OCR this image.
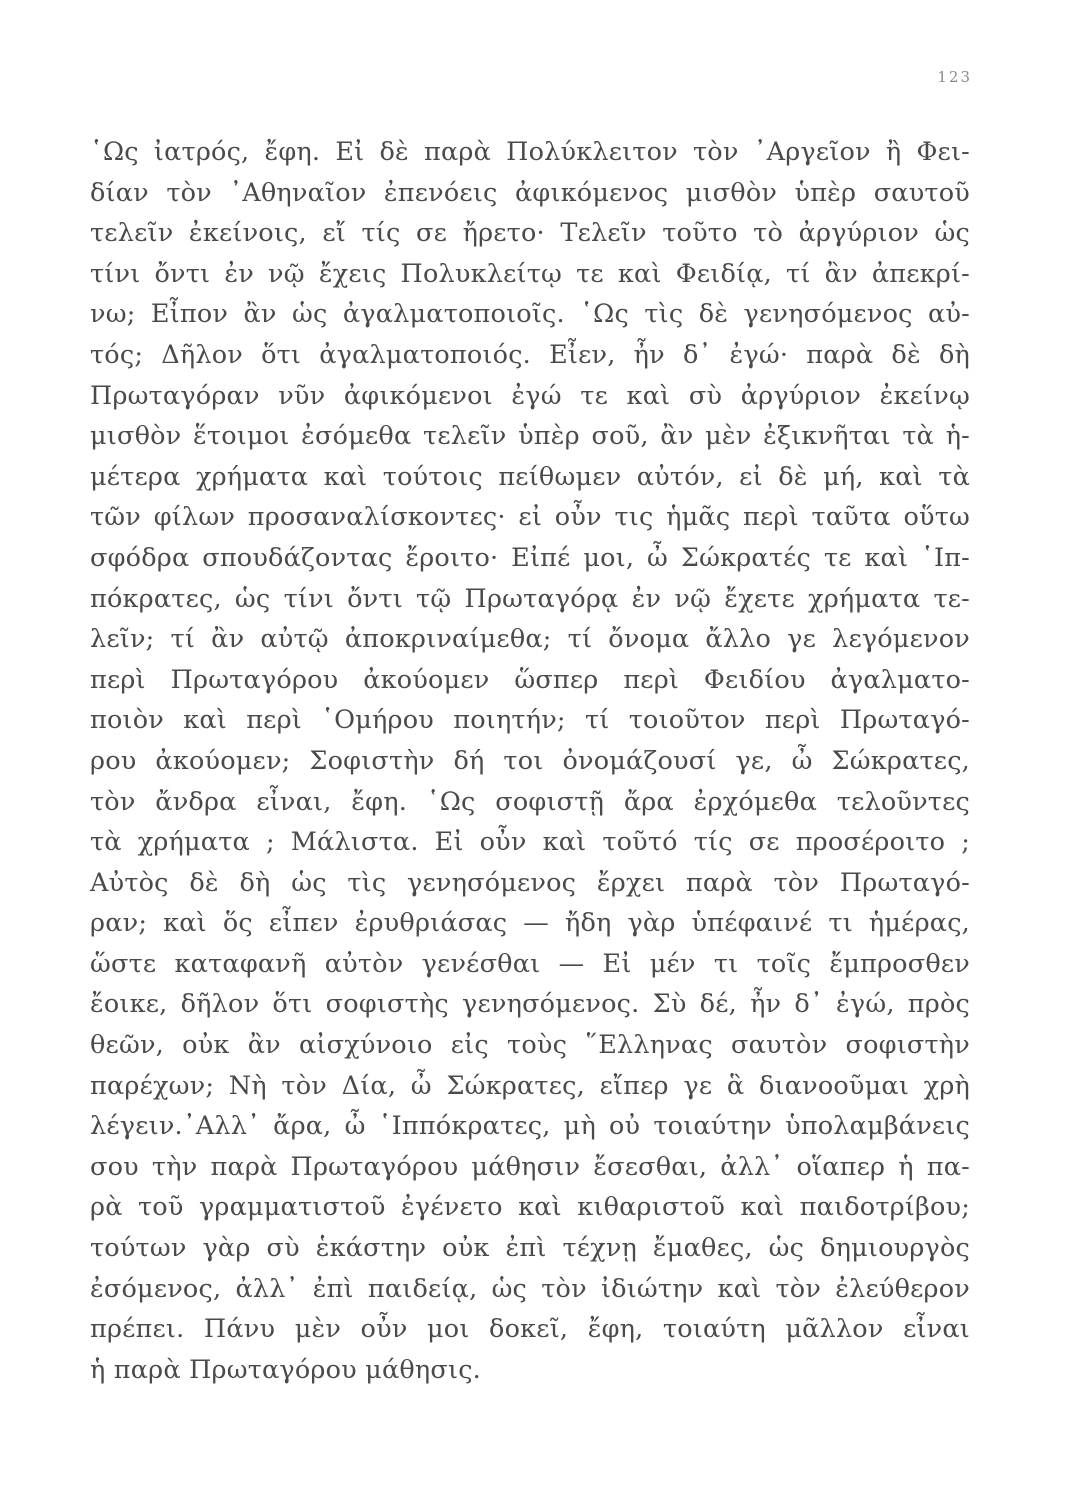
123
῾Ως ἰατρός, ἔφη. Εἰ δὲ παρὰ Πολύκλειτον τὸν ᾿Αργεῖον ἢ Φει-
δίαν τὸν ᾿Αθηναῖον ἐπενόεις ἀφικόμενος μισθὸν ὑπὲρ σαυτοῦ
τελεῖν ἐκείνοις, εἴ τίς σε ἤρετο· Τελεῖν τοῦτο τὸ ἀργύριον ὡς
τίνι ὄντι ἐν νῷ ἔχεις Πολυκλείτῳ τε καὶ Φειδίᾳ, τί ἂν ἀπεκρί-
νω; Εἶπον ἂν ὡς ἀγαλματοποιοῖς. ῾Ως τὶς δὲ γενησόμενος αὐ-
τός; Δῆλον ὅτι ἀγαλματοποιός. Εἶεν, ἦν δ᾿ ἐγώ· παρὰ δὲ δὴ
Πρωταγόραν νῦν ἀφικόμενοι ἐγώ τε καὶ σὺ ἀργύριον ἐκείνῳ
μισθὸν ἕτοιμοι ἐσόμεθα τελεῖν ὑπὲρ σοῦ, ἂν μὲν ἐξικνῆται τὰ ἡ-
μέτερα χρήματα καὶ τούτοις πείθωμεν αὐτόν, εἰ δὲ μή, καὶ τὰ
τῶν φίλων προσαναλίσκοντες· εἰ οὖν τις ἡμᾶς περὶ ταῦτα οὕτω
σφόδρα σπουδάζοντας ἔροιτο· Εἰπέ μοι, ὦ Σώκρατές τε καὶ ῾Ιπ-
πόκρατες, ὡς τίνι ὄντι τῷ Πρωταγόρᾳ ἐν νῷ ἔχετε χρήματα τε-
λεῖν; τί ἂν αὐτῷ ἀποκριναίμεθα; τί ὄνομα ἄλλο γε λεγόμενον
περὶ Πρωταγόρου ἀκούομεν ὥσπερ περὶ Φειδίου ἀγαλματο-
ποιὸν καὶ περὶ ῾Ομήρου ποιητήν; τί τοιοῦτον περὶ Πρωταγό-
ρου ἀκούομεν; Σοφιστὴν δή τοι ὀνομάζουσί γε, ὦ Σώκρατες,
τὸν ἄνδρα εἶναι, ἔφη. ῾Ως σοφιστῇ ἄρα ἐρχόμεθα τελοῦντες
τὰ χρήματα ; Μάλιστα. Εἰ οὖν καὶ τοῦτό τίς σε προσέροιτο ;
Αὐτὸς δὲ δὴ ὡς τὶς γενησόμενος ἔρχει παρὰ τὸν Πρωταγό-
ραν; καὶ ὅς εἶπεν ἐρυθριάσας — ἤδη γὰρ ὑπέφαινέ τι ἡμέρας,
ὥστε καταφανῆ αὐτὸν γενέσθαι — Εἰ μέν τι τοῖς ἔμπροσθεν
ἔοικε, δῆλον ὅτι σοφιστὴς γενησόμενος. Σὺ δέ, ἦν δ᾿ ἐγώ, πρὸς
θεῶν, οὐκ ἂν αἰσχύνοιο εἰς τοὺς ῞Ελληνας σαυτὸν σοφιστὴν
παρέχων; Νὴ τὸν Δία, ὦ Σώκρατες, εἴπερ γε ἃ διανοοῦμαι χρὴ
λέγειν.᾿Αλλ᾿ ἄρα, ὦ ῾Ιππόκρατες, μὴ οὐ τοιαύτην ὑπολαμβάνεις
σου τὴν παρὰ Πρωταγόρου μάθησιν ἔσεσθαι, ἀλλ᾿ οἵαπερ ἡ πα-
ρὰ τοῦ γραμματιστοῦ ἐγένετο καὶ κιθαριστοῦ καὶ παιδοτρίβου;
τούτων γὰρ σὺ ἑκάστην οὐκ ἐπὶ τέχνῃ ἔμαθες, ὡς δημιουργὸς
ἐσόμενος, ἀλλ᾿ ἐπὶ παιδείᾳ, ὡς τὸν ἰδιώτην καὶ τὸν ἐλεύθερον
πρέπει. Πάνυ μὲν οὖν μοι δοκεῖ, ἔφη, τοιαύτη μᾶλλον εἶναι
ἡ παρὰ Πρωταγόρου μάθησις.
